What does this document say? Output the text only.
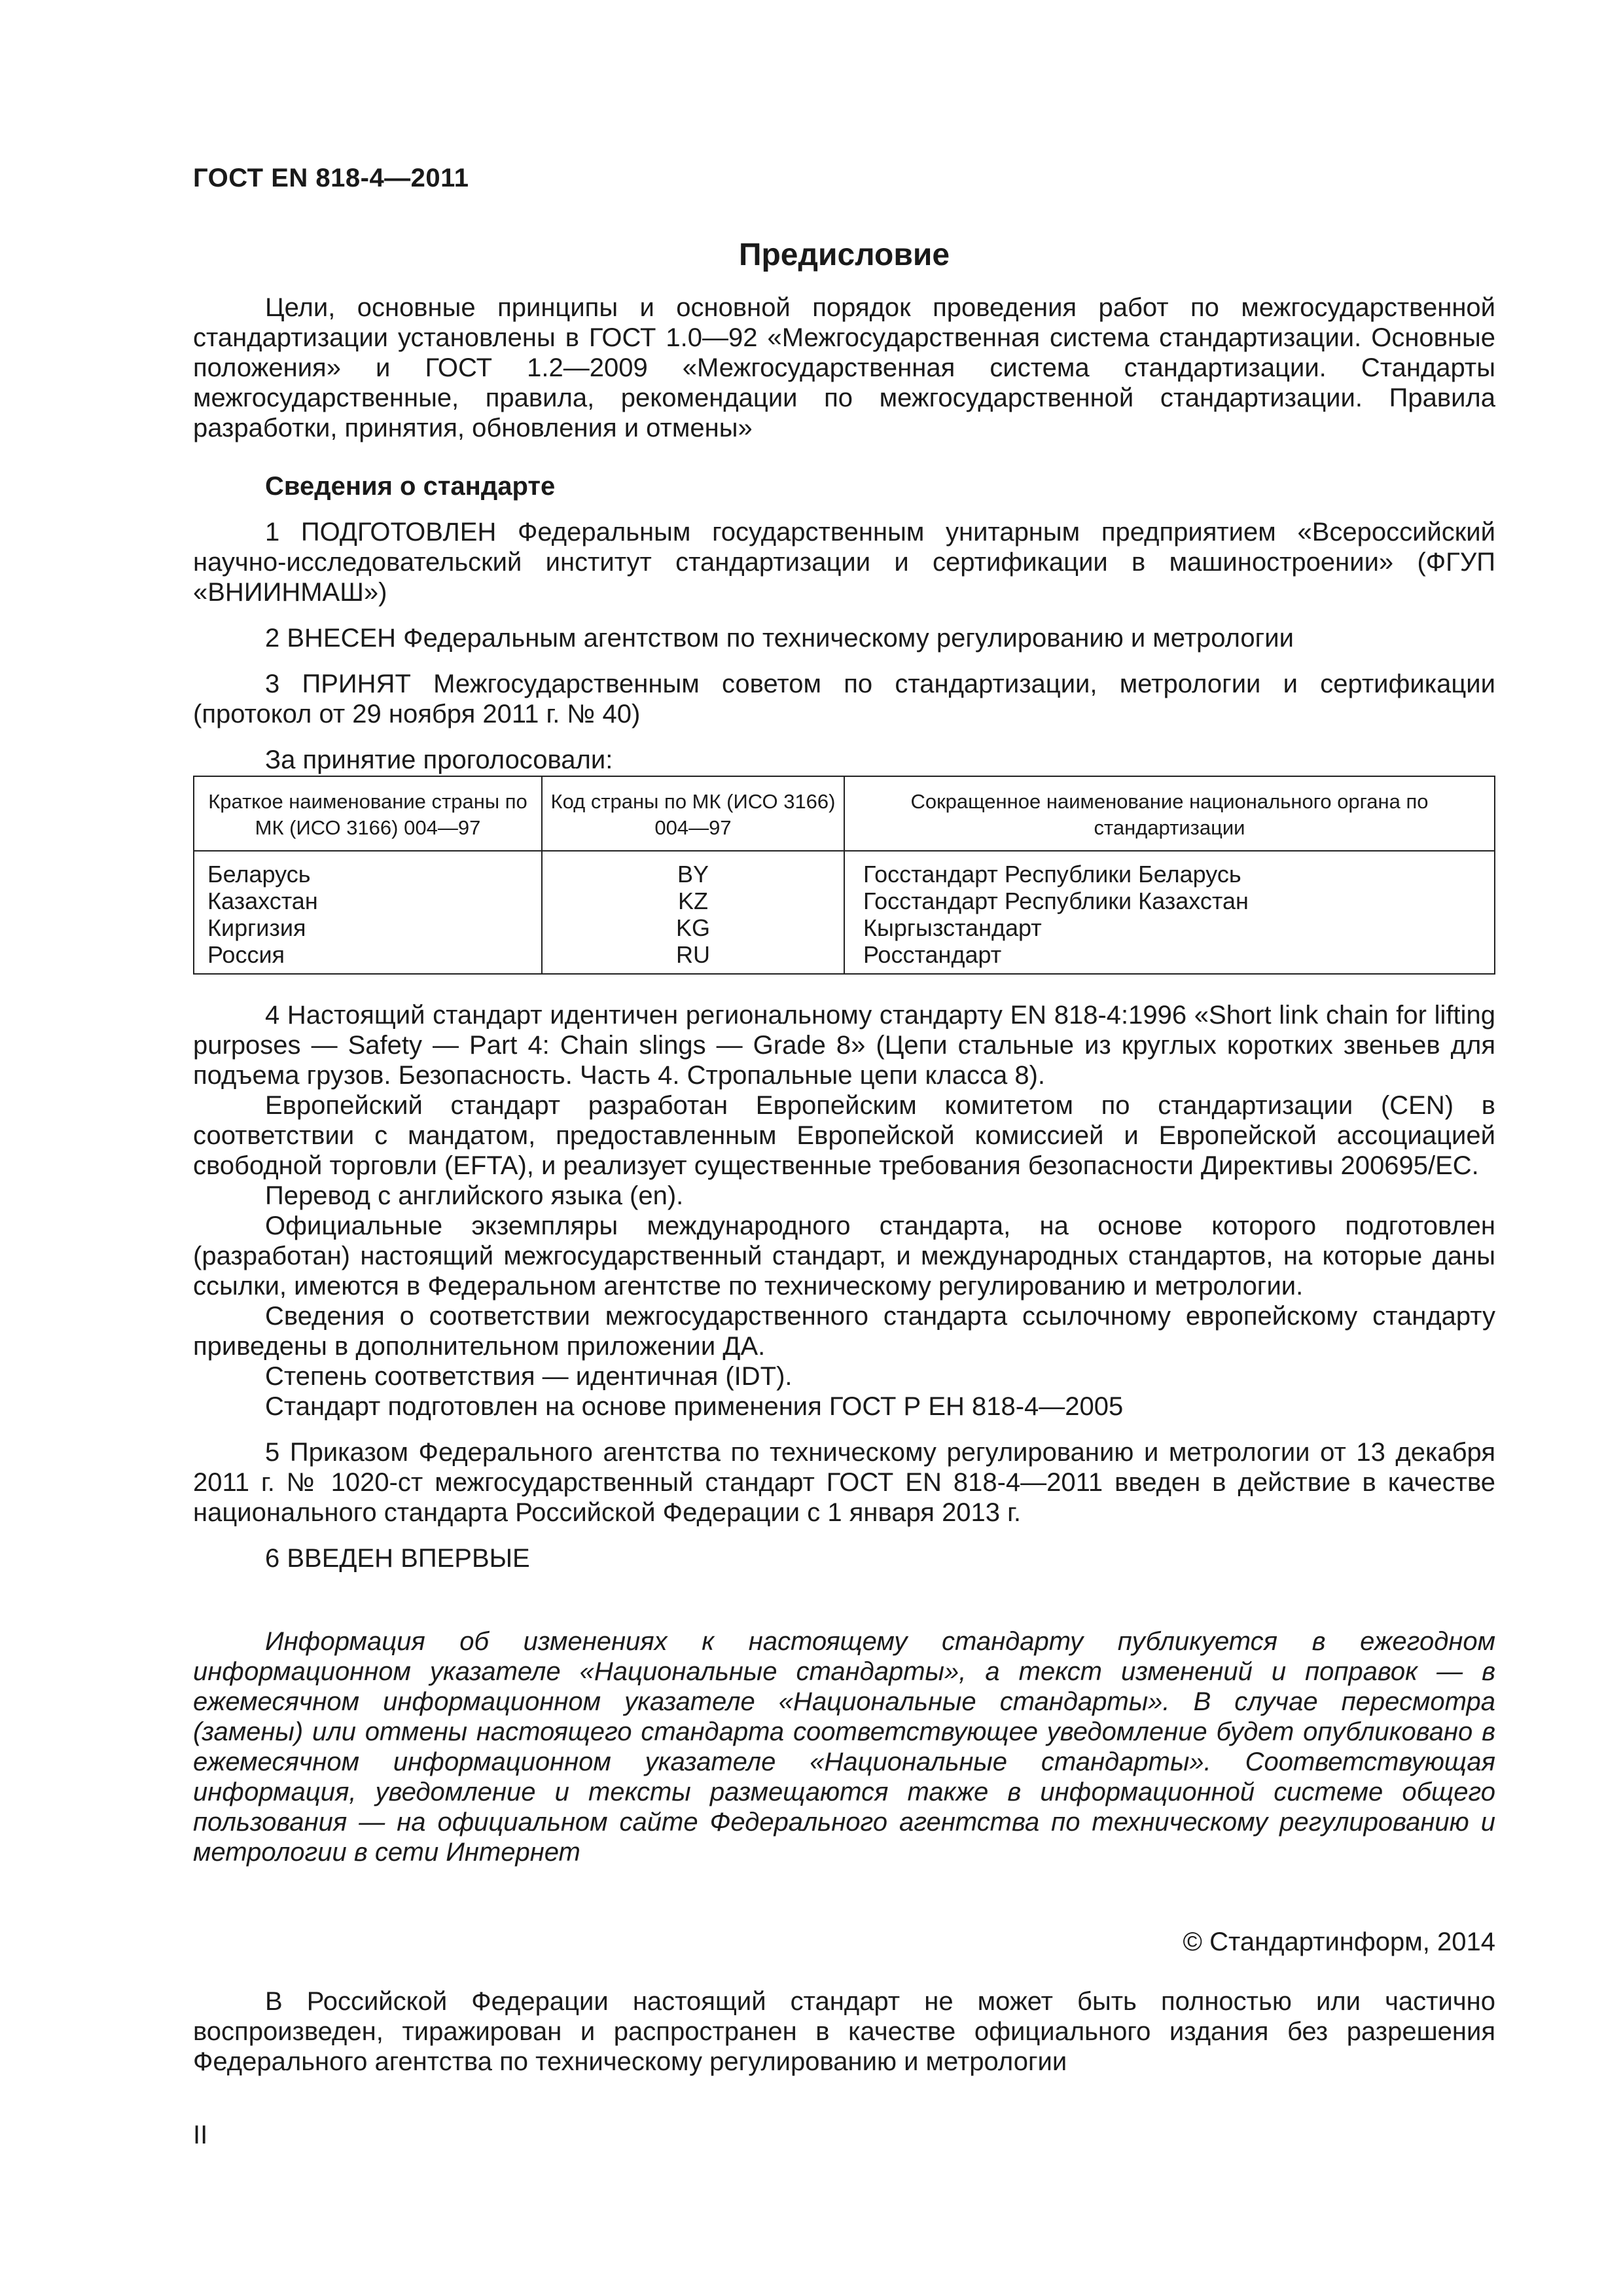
ГОСТ EN 818-4—2011
Предисловие

Цели, основные принципы и основной порядок проведения работ по межгосударственной стандартизации установлены в ГОСТ 1.0—92 «Межгосударственная система стандартизации. Основные положения» и ГОСТ 1.2—2009 «Межгосударственная система стандартизации. Стандарты межгосударственные, правила, рекомендации по межгосударственной стандартизации. Правила разработки, принятия, обновления и отмены»

Сведения о стандарте

1 ПОДГОТОВЛЕН Федеральным государственным унитарным предприятием «Всероссийский научно-исследовательский институт стандартизации и сертификации в машиностроении» (ФГУП «ВНИИНМАШ»)

2 ВНЕСЕН Федеральным агентством по техническому регулированию и метрологии

3 ПРИНЯТ Межгосударственным советом по стандартизации, метрологии и сертификации (протокол от 29 ноября 2011 г. № 40)

За принятие проголосовали:

Краткое наименование страны по МК (ИСО 3166) 004—97	Код страны по МК (ИСО 3166) 004—97	Сокращенное наименование национального органа по стандартизации
Беларусь	BY	Госстандарт Республики Беларусь
Казахстан	KZ	Госстандарт Республики Казахстан
Киргизия	KG	Кыргызстандарт
Россия	RU	Росстандарт

4 Настоящий стандарт идентичен региональному стандарту EN 818-4:1996 «Short link chain for lifting purposes — Safety — Part 4: Chain slings — Grade 8» (Цепи стальные из круглых коротких звеньев для подъема грузов. Безопасность. Часть 4. Стропальные цепи класса 8).

Европейский стандарт разработан Европейским комитетом по стандартизации (CEN) в соответствии с мандатом, предоставленным Европейской комиссией и Европейской ассоциацией свободной торговли (EFTA), и реализует существенные требования безопасности Директивы 200695/ЕС.

Перевод с английского языка (en).

Официальные экземпляры международного стандарта, на основе которого подготовлен (разработан) настоящий межгосударственный стандарт, и международных стандартов, на которые даны ссылки, имеются в Федеральном агентстве по техническому регулированию и метрологии.

Сведения о соответствии межгосударственного стандарта ссылочному европейскому стандарту приведены в дополнительном приложении ДА.

Степень соответствия — идентичная (IDT).

Стандарт подготовлен на основе применения ГОСТ Р ЕН 818-4—2005

5 Приказом Федерального агентства по техническому регулированию и метрологии от 13 декабря 2011 г. № 1020-ст межгосударственный стандарт ГОСТ EN 818-4—2011 введен в действие в качестве национального стандарта Российской Федерации с 1 января 2013 г.

6 ВВЕДЕН ВПЕРВЫЕ

Информация об изменениях к настоящему стандарту публикуется в ежегодном информационном указателе «Национальные стандарты», а текст изменений и поправок — в ежемесячном информационном указателе «Национальные стандарты». В случае пересмотра (замены) или отмены настоящего стандарта соответствующее уведомление будет опубликовано в ежемесячном информационном указателе «Национальные стандарты». Соответствующая информация, уведомление и тексты размещаются также в информационной системе общего пользования — на официальном сайте Федерального агентства по техническому регулированию и метрологии в сети Интернет

© Стандартинформ, 2014

В Российской Федерации настоящий стандарт не может быть полностью или частично воспроизведен, тиражирован и распространен в качестве официального издания без разрешения Федерального агентства по техническому регулированию и метрологии

II
